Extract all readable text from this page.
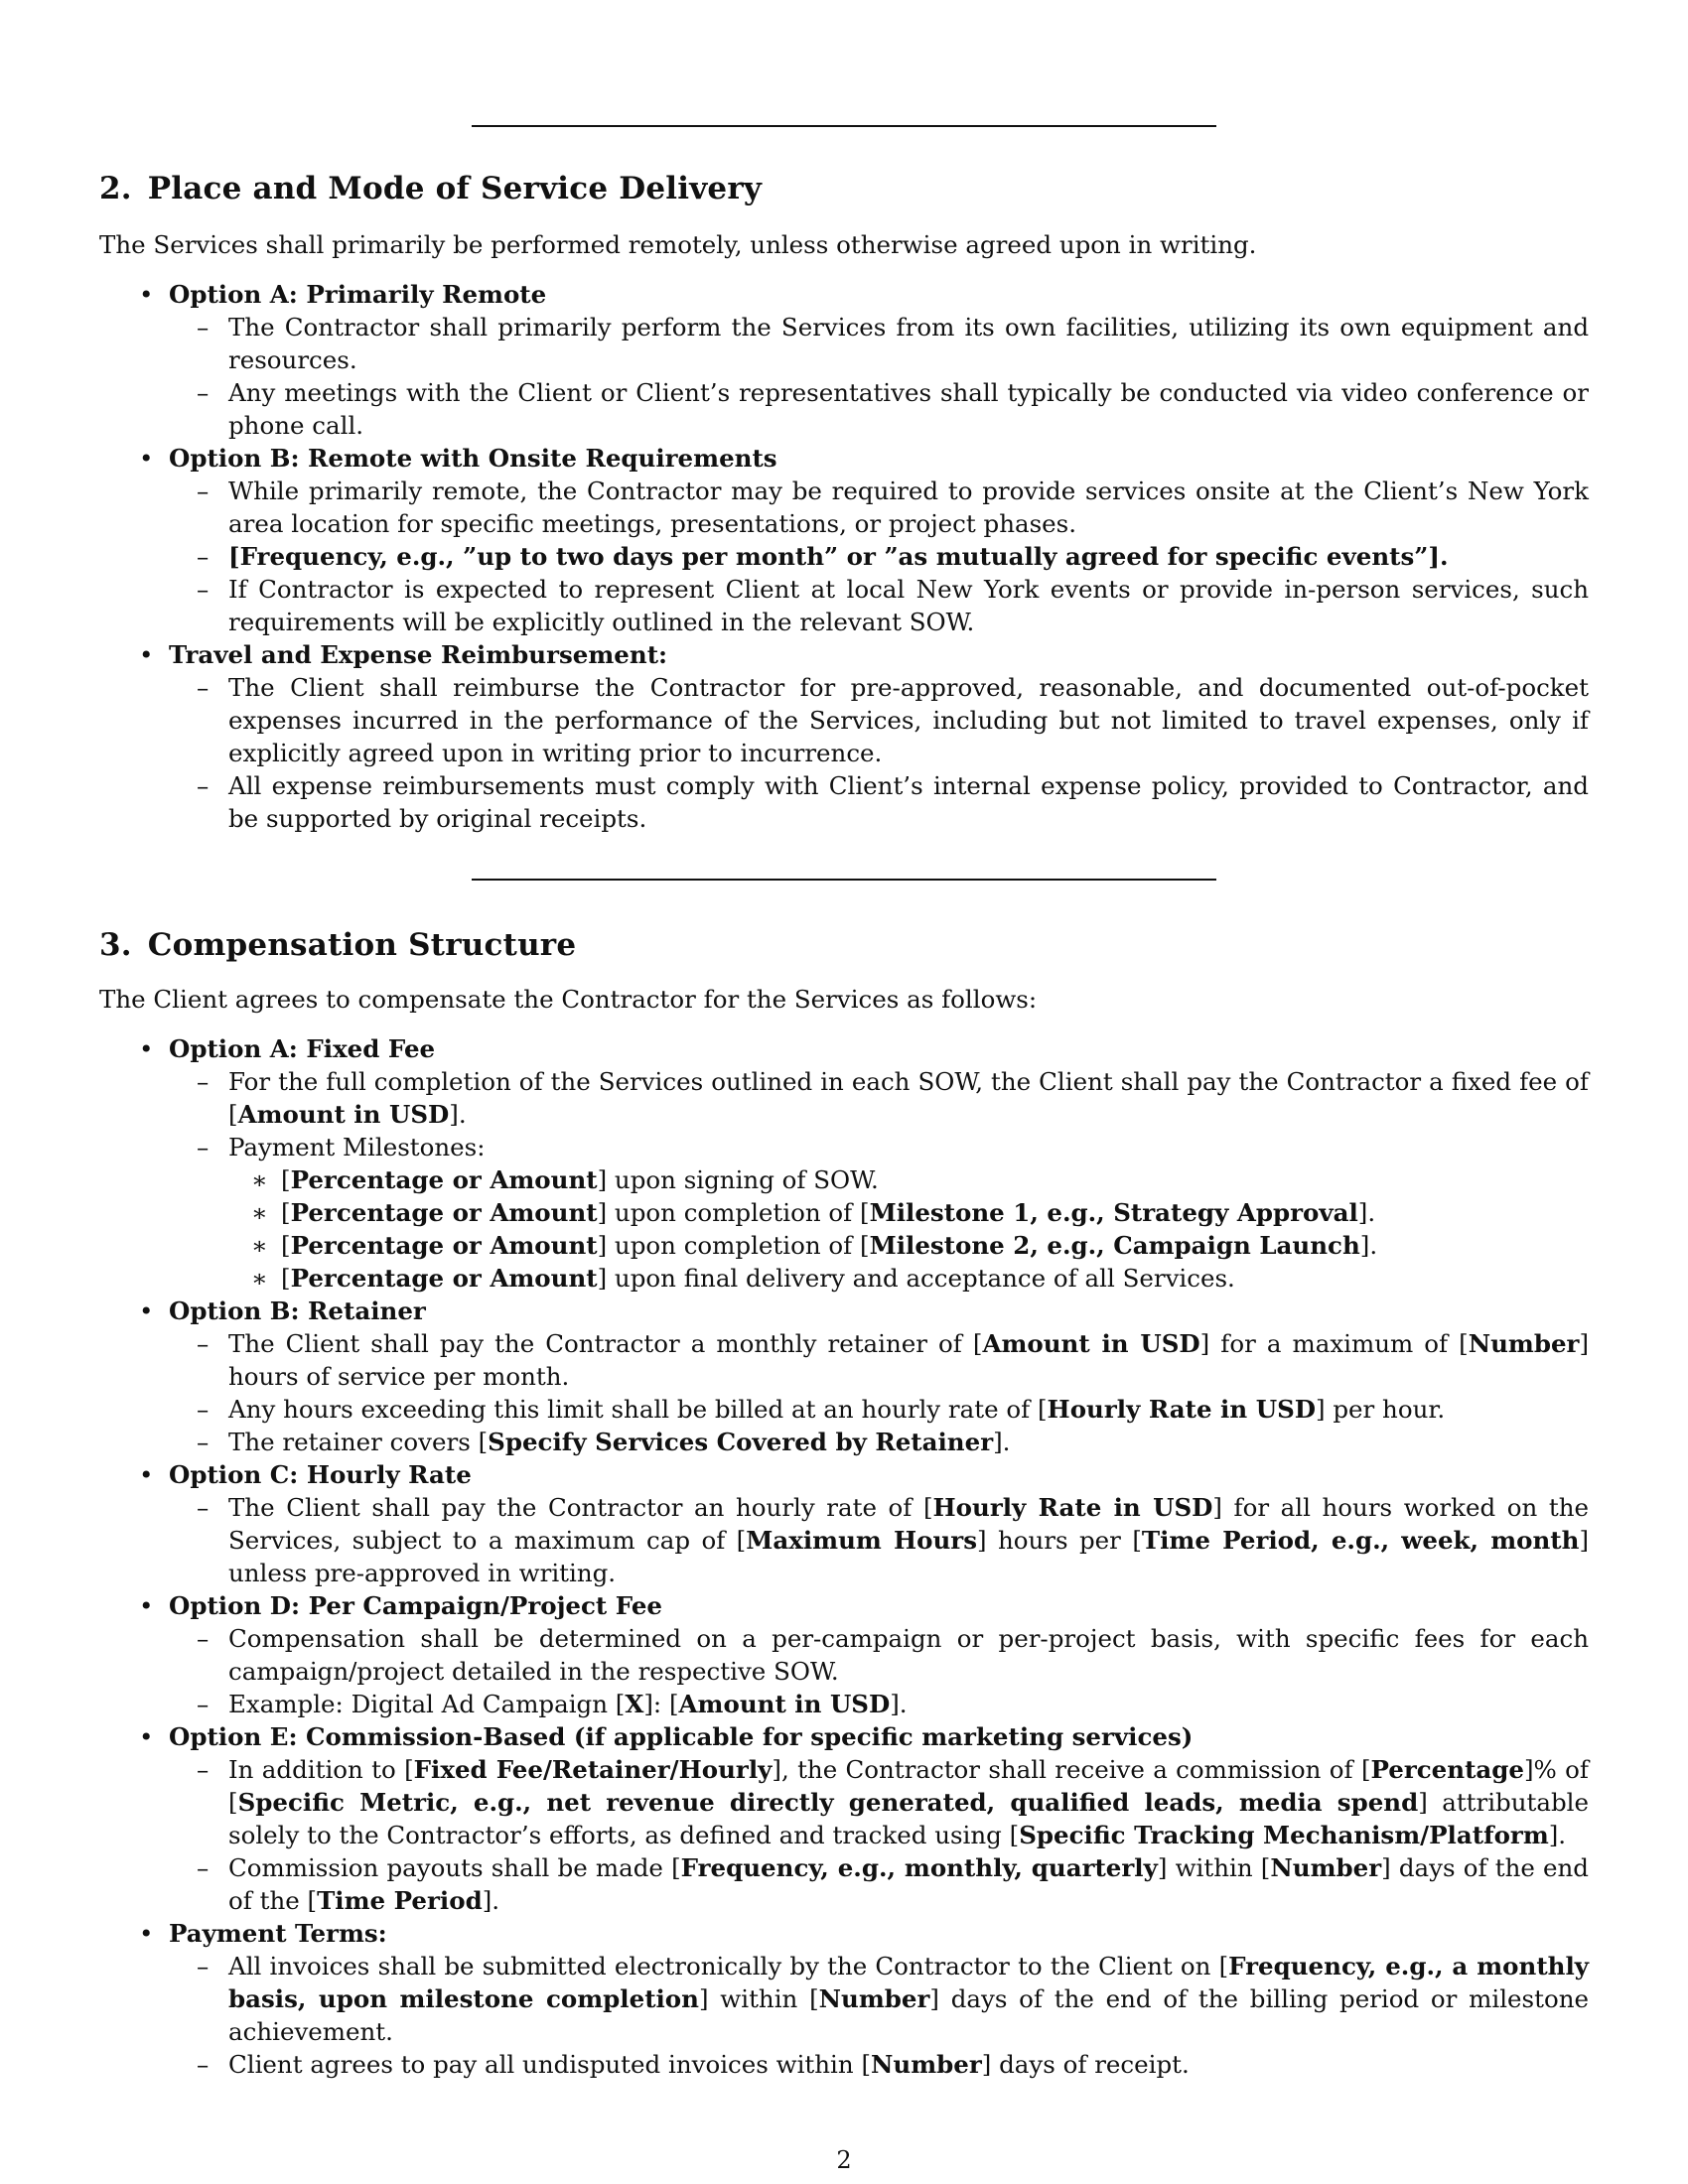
2. Place and Mode of Service Delivery

The Services shall primarily be performed remotely, unless otherwise agreed upon in writing.

• Option A: Primarily Remote
– The Contractor shall primarily perform the Services from its own facilities, utilizing its own equipment and resources.
– Any meetings with the Client or Client’s representatives shall typically be conducted via video conference or phone call.
• Option B: Remote with Onsite Requirements
– While primarily remote, the Contractor may be required to provide services onsite at the Client’s New York area location for specific meetings, presentations, or project phases.
– [Frequency, e.g., ”up to two days per month” or ”as mutually agreed for specific events”].
– If Contractor is expected to represent Client at local New York events or provide in-person services, such requirements will be explicitly outlined in the relevant SOW.
• Travel and Expense Reimbursement:
– The Client shall reimburse the Contractor for pre-approved, reasonable, and documented out-of-pocket expenses incurred in the performance of the Services, including but not limited to travel expenses, only if explicitly agreed upon in writing prior to incurrence.
– All expense reimbursements must comply with Client’s internal expense policy, provided to Contractor, and be supported by original receipts.
3. Compensation Structure

The Client agrees to compensate the Contractor for the Services as follows:

• Option A: Fixed Fee
– For the full completion of the Services outlined in each SOW, the Client shall pay the Contractor a fixed fee of [Amount in USD].
– Payment Milestones:
∗ [Percentage or Amount] upon signing of SOW.
∗ [Percentage or Amount] upon completion of [Milestone 1, e.g., Strategy Approval].
∗ [Percentage or Amount] upon completion of [Milestone 2, e.g., Campaign Launch].
∗ [Percentage or Amount] upon final delivery and acceptance of all Services.
• Option B: Retainer
– The Client shall pay the Contractor a monthly retainer of [Amount in USD] for a maximum of [Number] hours of service per month.
– Any hours exceeding this limit shall be billed at an hourly rate of [Hourly Rate in USD] per hour.
– The retainer covers [Specify Services Covered by Retainer].
• Option C: Hourly Rate
– The Client shall pay the Contractor an hourly rate of [Hourly Rate in USD] for all hours worked on the Services, subject to a maximum cap of [Maximum Hours] hours per [Time Period, e.g., week, month] unless pre-approved in writing.
• Option D: Per Campaign/Project Fee
– Compensation shall be determined on a per-campaign or per-project basis, with specific fees for each campaign/project detailed in the respective SOW.
– Example: Digital Ad Campaign [X]: [Amount in USD].
• Option E: Commission-Based (if applicable for specific marketing services)
– In addition to [Fixed Fee/Retainer/Hourly], the Contractor shall receive a commission of [Percentage]% of [Specific Metric, e.g., net revenue directly generated, qualified leads, media spend] attributable solely to the Contractor’s efforts, as defined and tracked using [Specific Tracking Mechanism/Platform].
– Commission payouts shall be made [Frequency, e.g., monthly, quarterly] within [Number] days of the end of the [Time Period].
• Payment Terms:
– All invoices shall be submitted electronically by the Contractor to the Client on [Frequency, e.g., a monthly basis, upon milestone completion] within [Number] days of the end of the billing period or milestone achievement.
– Client agrees to pay all undisputed invoices within [Number] days of receipt.
2
